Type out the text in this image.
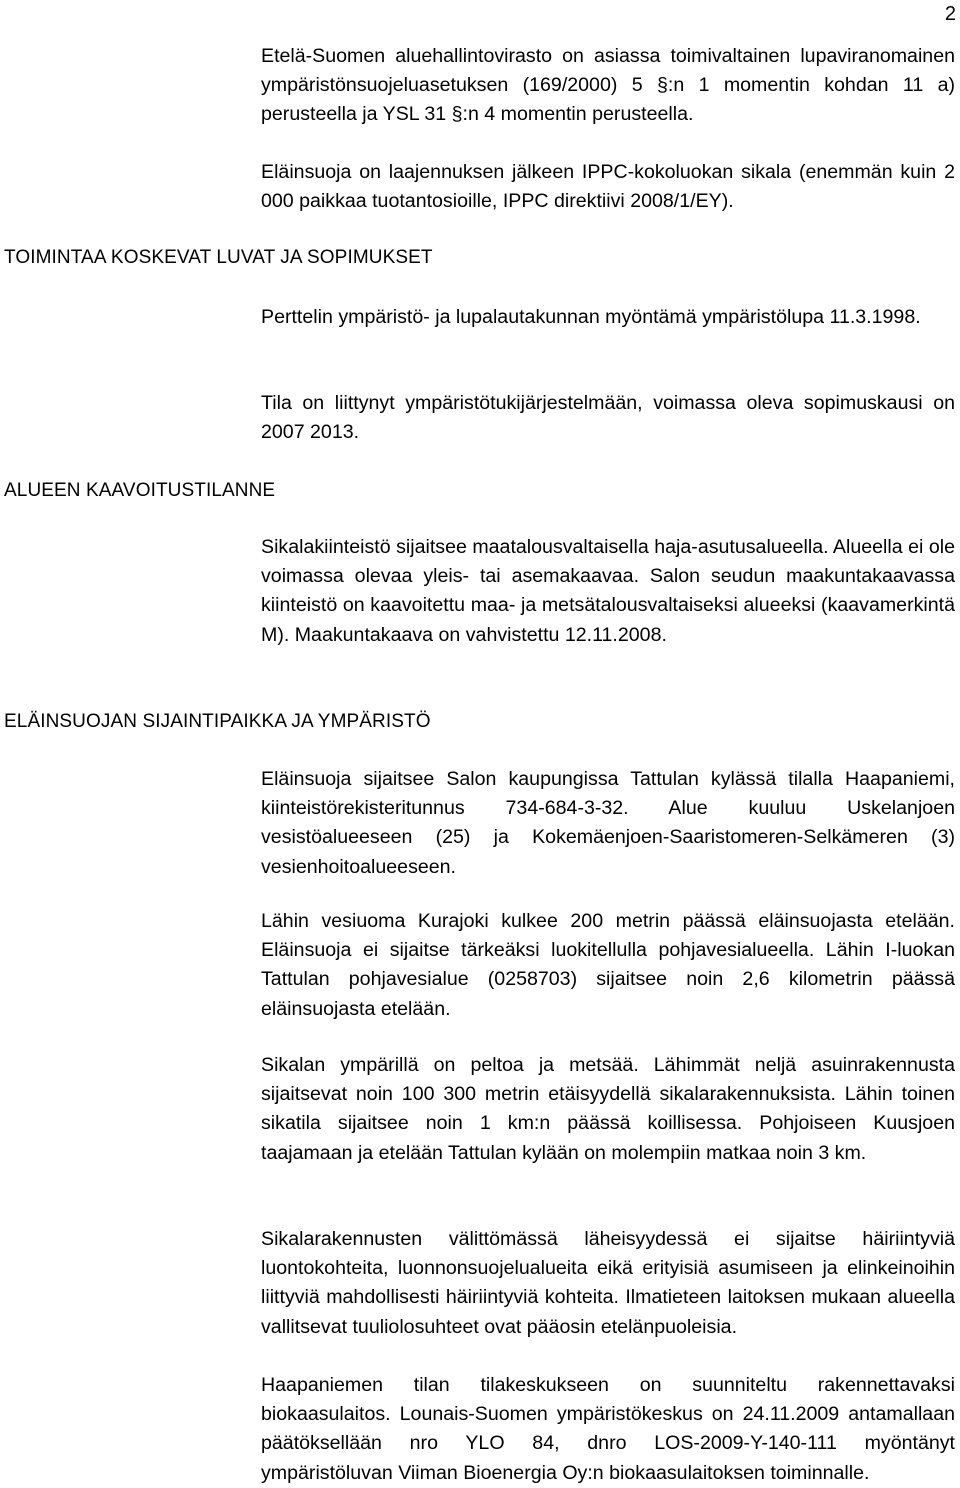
2

Etelä-Suomen aluehallintovirasto on asiassa toimivaltainen lupaviranomainen ympäristönsuojeluasetuksen (169/2000) 5 §:n 1 momentin kohdan 11 a) perusteella ja YSL 31 §:n 4 momentin perusteella.

Eläinsuoja on laajennuksen jälkeen IPPC-kokoluokan sikala (enemmän kuin 2 000 paikkaa tuotantosioille, IPPC direktiivi 2008/1/EY).

TOIMINTAA KOSKEVAT LUVAT JA SOPIMUKSET

Perttelin ympäristö- ja lupalautakunnan myöntämä ympäristölupa 11.3.1998.

Tila on liittynyt ympäristötukijärjestelmään, voimassa oleva sopimuskausi on 2007 2013.

ALUEEN KAAVOITUSTILANNE

Sikalakiinteistö sijaitsee maatalousvaltaisella haja-asutusalueella. Alueella ei ole voimassa olevaa yleis- tai asemakaavaa. Salon seudun maakuntakaavassa kiinteistö on kaavoitettu maa- ja metsätalousvaltaiseksi alueeksi (kaavamerkintä M). Maakuntakaava on vahvistettu 12.11.2008.

ELÄINSUOJAN SIJAINTIPAIKKA JA YMPÄRISTÖ

Eläinsuoja sijaitsee Salon kaupungissa Tattulan kylässä tilalla Haapaniemi, kiinteistörekisteritunnus 734-684-3-32. Alue kuuluu Uskelanjoen vesistöalueeseen (25) ja Kokemäenjoen-Saaristomeren-Selkämeren (3) vesienhoitoalueeseen.

Lähin vesiuoma Kurajoki kulkee 200 metrin päässä eläinsuojasta etelään. Eläinsuoja ei sijaitse tärkeäksi luokitellulla pohjavesialueella. Lähin I-luokan Tattulan pohjavesialue (0258703) sijaitsee noin 2,6 kilometrin päässä eläinsuojasta etelään.

Sikalan ympärillä on peltoa ja metsää. Lähimmät neljä asuinrakennusta sijaitsevat noin 100 300 metrin etäisyydellä sikalarakennuksista. Lähin toinen sikatila sijaitsee noin 1 km:n päässä koillisessa. Pohjoiseen Kuusjoen taajamaan ja etelään Tattulan kylään on molempiin matkaa noin 3 km.

Sikalarakennusten välittömässä läheisyydessä ei sijaitse häiriintyviä luontokohteita, luonnonsuojelualueita eikä erityisiä asumiseen ja elinkeinoihin liittyviä mahdollisesti häiriintyviä kohteita. Ilmatieteen laitoksen mukaan alueella vallitsevat tuuliolosuhteet ovat pääosin etelänpuoleisia.

Haapaniemen tilan tilakeskukseen on suunniteltu rakennettavaksi biokaasulaitos. Lounais-Suomen ympäristökeskus on 24.11.2009 antamallaan päätöksellään nro YLO 84, dnro LOS-2009-Y-140-111 myöntänyt ympäristöluvan Viiman Bioenergia Oy:n biokaasulaitoksen toiminnalle.
